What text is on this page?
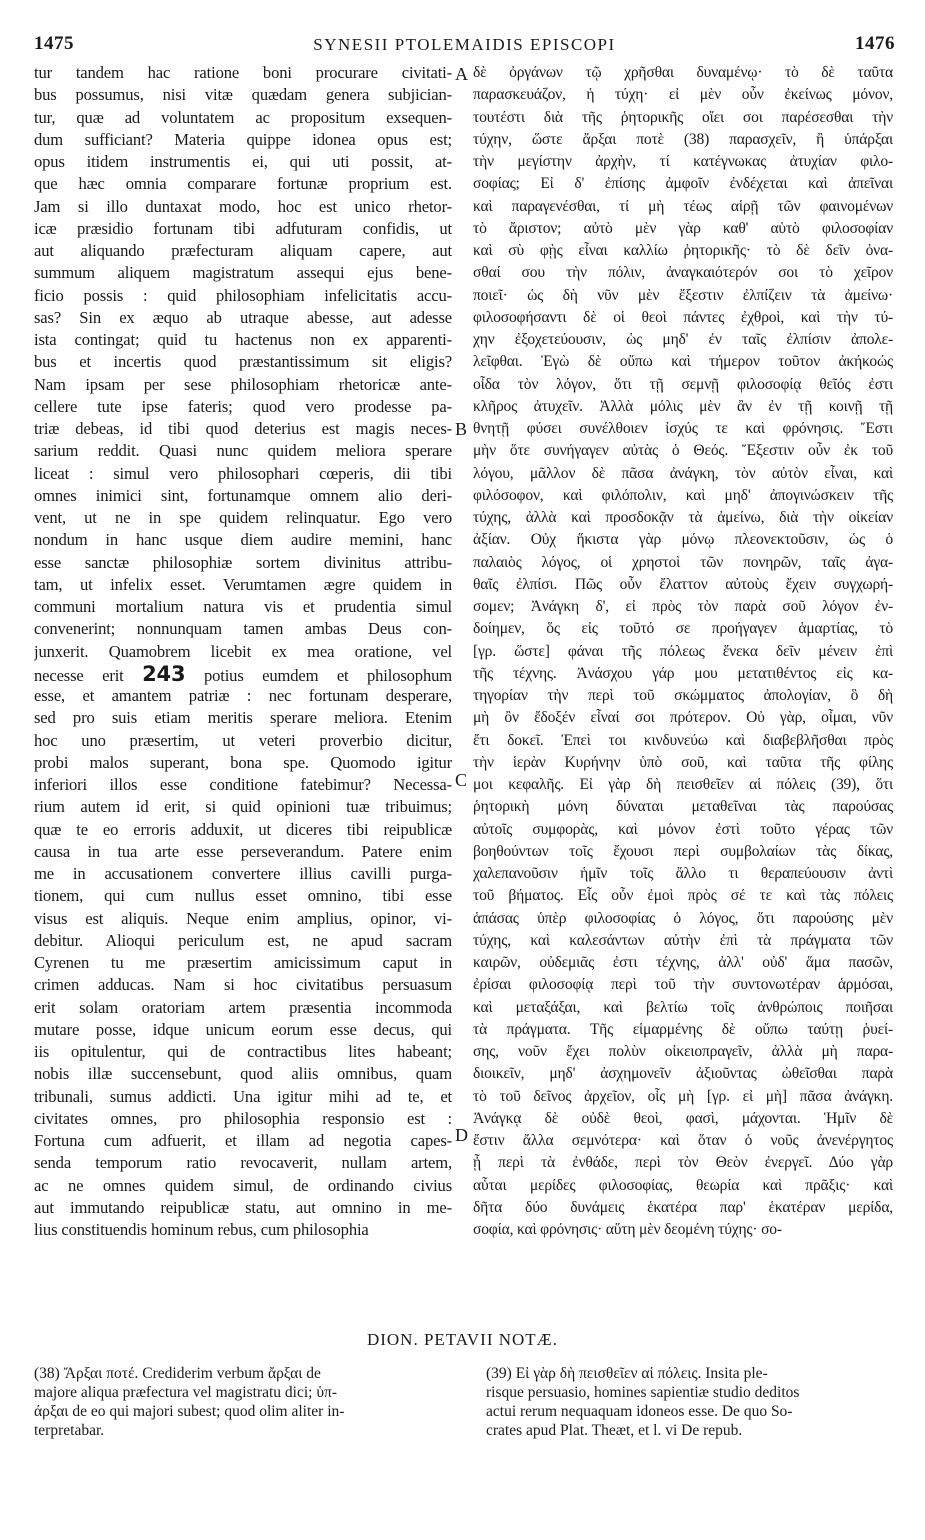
1475	SYNESII PTOLEMAIDIS EPISCOPI	1476
tur tandem hac ratione boni procurare civitati-
bus possumus, nisi vitæ quædam genera subjician-
tur, quæ ad voluntatem ac propositum exsequen-
dum sufficiant? Materia quippe idonea opus est;
opus itidem instrumentis ei, qui uti possit, at-
que hæc omnia comparare fortunæ proprium est.
Jam si illo duntaxat modo, hoc est unico rhetor-
icæ præsidio fortunam tibi adfuturam confidis, ut
aut aliquando præfecturam aliquam capere, aut
summum aliquem magistratum assequi ejus bene-
ficio possis : quid philosophiam infelicitatis accu-
sas? Sin ex æquo ab utraque abesse, aut adesse
ista contingat; quid tu hactenus non ex apparenti-
bus et incertis quod præstantissimum sit eligis?
Nam ipsam per sese philosophiam rhetoricæ ante-
cellere tute ipse fateris; quod vero prodesse pa-
triæ debeas, id tibi quod deterius est magis neces-
sarium reddit. Quasi nunc quidem meliora sperare
liceat : simul vero philosophari cœperis, dii tibi
omnes inimici sint, fortunamque omnem alio deri-
vent, ut ne in spe quidem relinquatur. Ego vero
nondum in hanc usque diem audire memini, hanc
esse sanctæ philosophiæ sortem divinitus attribu-
tam, ut infelix esset. Verumtamen ægre quidem in
communi mortalium natura vis et prudentia simul
convenerint; nonnunquam tamen ambas Deus con-
junxerit. Quamobrem licebit ex mea oratione, vel
necesse erit 243 potius eumdem et philosophum
esse, et amantem patriæ : nec fortunam desperare,
sed pro suis etiam meritis sperare meliora. Etenim
hoc uno præsertim, ut veteri proverbio dicitur,
probi malos superant, bona spe. Quomodo igitur
inferiori illos esse conditione fatebimur? Necessa-
rium autem id erit, si quid opinioni tuæ tribuimus;
quæ te eo erroris adduxit, ut diceres tibi reipublicæ
causa in tua arte esse perseverandum. Patere enim
me in accusationem convertere illius cavilli purga-
tionem, qui cum nullus esset omnino, tibi esse
visus est aliquis. Neque enim amplius, opinor, vi-
debitur. Alioqui periculum est, ne apud sacram
Cyrenen tu me præsertim amicissimum caput in
crimen adducas. Nam si hoc civitatibus persuasum
erit solam oratoriam artem præsentia incommoda
mutare posse, idque unicum eorum esse decus, qui
iis opitulentur, qui de contractibus lites habeant;
nobis illæ succensebunt, quod aliis omnibus, quam
tribunali, sumus addicti. Una igitur mihi ad te, et
civitates omnes, pro philosophia responsio est :
Fortuna cum adfuerit, et illam ad negotia capes-
senda temporum ratio revocaverit, nullam artem,
ac ne omnes quidem simul, de ordinando civius
aut immutando reipublicæ statu, aut omnino in me-
lius constituendis hominum rebus, cum philosophia
δὲ ὀργάνων τῷ χρῆσθαι δυναμένῳ· τὸ δὲ ταῦτα
παρασκευάζον, ἡ τύχη· εἰ μὲν οὖν ἐκείνως μόνον,
τουτέστι διὰ τῆς ῥητορικῆς οἴει σοι παρέσεσθαι τὴν
τύχην, ὥστε ἄρξαι ποτὲ (38) παρασχεῖν, ἢ ὑπάρξαι
τὴν μεγίστην ἀρχὴν, τί κατέγνωκας ἀτυχίαν φιλο-
σοφίας; Εἰ δ' ἐπίσης ἀμφοῖν ἐνδέχεται καὶ ἀπεῖναι
καὶ παραγενέσθαι, τί μὴ τέως αἱρῇ τῶν φαινομένων
τὸ ἄριστον; αὐτὸ μὲν γὰρ καθ' αὑτὸ φιλοσοφίαν
καὶ σὺ φῂς εἶναι καλλίω ῥητορικῆς· τὸ δὲ δεῖν ὀνα-
σθαί σου τὴν πόλιν, ἀναγκαιότερόν σοι τὸ χεῖρον
ποιεῖ· ὡς δὴ νῦν μὲν ἔξεστιν ἐλπίζειν τὰ ἀμείνω·
φιλοσοφήσαντι δὲ οἱ θεοὶ πάντες ἐχθροὶ, καὶ τὴν τύ-
χην ἐξοχετεύουσιν, ὡς μηδ' ἐν ταῖς ἐλπίσιν ἀπολε-
λεῖφθαι. Ἐγὼ δὲ οὔπω καὶ τήμερον τοῦτον ἀκήκοώς
οἶδα τὸν λόγον, ὅτι τῇ σεμνῇ φιλοσοφίᾳ θεῖός ἐστι
κλῆρος ἀτυχεῖν. Ἀλλὰ μόλις μὲν ἂν ἐν τῇ κοινῇ τῇ
θνητῇ φύσει συνέλθοιεν ἰσχύς τε καὶ φρόνησις. Ἔστι
μὴν ὅτε συνήγαγεν αὐτὰς ὁ Θεός. Ἔξεστιν οὖν ἐκ τοῦ
λόγου, μᾶλλον δὲ πᾶσα ἀνάγκη, τὸν αὐτὸν εἶναι, καὶ
φιλόσοφον, καὶ φιλόπολιν, καὶ μηδ' ἀπογινώσκειν τῆς
τύχης, ἀλλὰ καὶ προσδοκᾷν τὰ ἀμείνω, διὰ τὴν οἰκείαν
ἀξίαν. Οὐχ ἥκιστα γὰρ μόνῳ πλεονεκτοῦσιν, ὡς ὁ
παλαιὸς λόγος, οἱ χρηστοὶ τῶν πονηρῶν, ταῖς ἀγα-
θαῖς ἐλπίσι. Πῶς οὖν ἔλαττον αὐτοὺς ἔχειν συγχωρή-
σομεν; Ἀνάγκη δ', εἰ πρὸς τὸν παρὰ σοῦ λόγον ἐν-
δοίημεν, ὅς εἰς τοῦτό σε προήγαγεν ἁμαρτίας, τὸ
[γρ. ὥστε] φάναι τῆς πόλεως ἕνεκα δεῖν μένειν ἐπὶ
τῆς τέχνης. Ἀνάσχου γάρ μου μετατιθέντος εἰς κα-
τηγορίαν τὴν περὶ τοῦ σκώμματος ἀπολογίαν, ὃ δὴ
μὴ ὂν ἔδοξέν εἶναί σοι πρότερον. Οὐ γὰρ, οἶμαι, νῦν
ἔτι δοκεῖ. Ἐπεὶ τοι κινδυνεύω καὶ διαβεβλῆσθαι πρὸς
τὴν ἱερὰν Κυρήνην ὑπὸ σοῦ, καὶ ταῦτα τῆς φίλης
μοι κεφαλῆς. Εἰ γὰρ δὴ πεισθεῖεν αἱ πόλεις (39), ὅτι
ῥητορικὴ μόνη δύναται μεταθεῖναι τὰς παρούσας
αὐτοῖς συμφορὰς, καὶ μόνον ἐστὶ τοῦτο γέρας τῶν
βοηθούντων τοῖς ἔχουσι περὶ συμβολαίων τὰς δίκας,
χαλεπανοῦσιν ἡμῖν τοῖς ἄλλο τι θεραπεύουσιν ἀντὶ
τοῦ βήματος. Εἷς οὖν ἐμοὶ πρὸς σέ τε καὶ τὰς πόλεις
ἁπάσας ὑπὲρ φιλοσοφίας ὁ λόγος, ὅτι παρούσης μὲν
τύχης, καὶ καλεσάντων αὐτὴν ἐπὶ τὰ πράγματα τῶν
καιρῶν, οὐδεμιᾶς ἐστι τέχνης, ἀλλ' οὐδ' ἅμα πασῶν,
ἐρίσαι φιλοσοφίᾳ περὶ τοῦ τὴν συντονωτέραν ἁρμόσαι,
καὶ μεταξάξαι, καὶ βελτίω τοῖς ἀνθρώποις ποιῆσαι
τὰ πράγματα. Τῆς εἱμαρμένης δὲ οὔπω ταύτῃ ῥυεί-
σης, νοῦν ἔχει πολὺν οἰκειοπραγεῖν, ἀλλὰ μὴ παρα-
διοικεῖν, μηδ' ἀσχημονεῖν ἀξιοῦντας ὠθεῖσθαι παρὰ
τὸ τοῦ δεῖνος ἀρχεῖον, οἷς μὴ [γρ. εἰ μὴ] πᾶσα ἀνάγκη.
Ἀνάγκᾳ δὲ οὐδὲ θεοὶ, φασὶ, μάχονται. Ἡμῖν δὲ
ἔστιν ἄλλα σεμνότερα· καὶ ὅταν ὁ νοῦς ἀνενέργητος
ᾖ περὶ τὰ ἐνθάδε, περὶ τὸν Θεὸν ἐνεργεῖ. Δύο γὰρ
αὗται μερίδες φιλοσοφίας, θεωρία καὶ πρᾶξις· καὶ
δῆτα δύο δυνάμεις ἑκατέρα παρ' ἑκατέραν μερίδα,
σοφία, καὶ φρόνησις· αὕτη μὲν δεομένη τύχης· σο-
A
B
C
D
DION. PETAVII NOTÆ.
(38) Ἄρξαι ποτέ. Crediderim verbum ἄρξαι de
majore aliqua præfectura vel magistratu dici; ὑπ-
άρξαι de eo qui majori subest; quod olim aliter in-
terpretabar.
(39) Εἰ γὰρ δὴ πεισθεῖεν αἱ πόλεις. Insita ple-
risque persuasio, homines sapientiæ studio deditos
actui rerum nequaquam idoneos esse. De quo So-
crates apud Plat. Theæt, et l. vi De repub.
